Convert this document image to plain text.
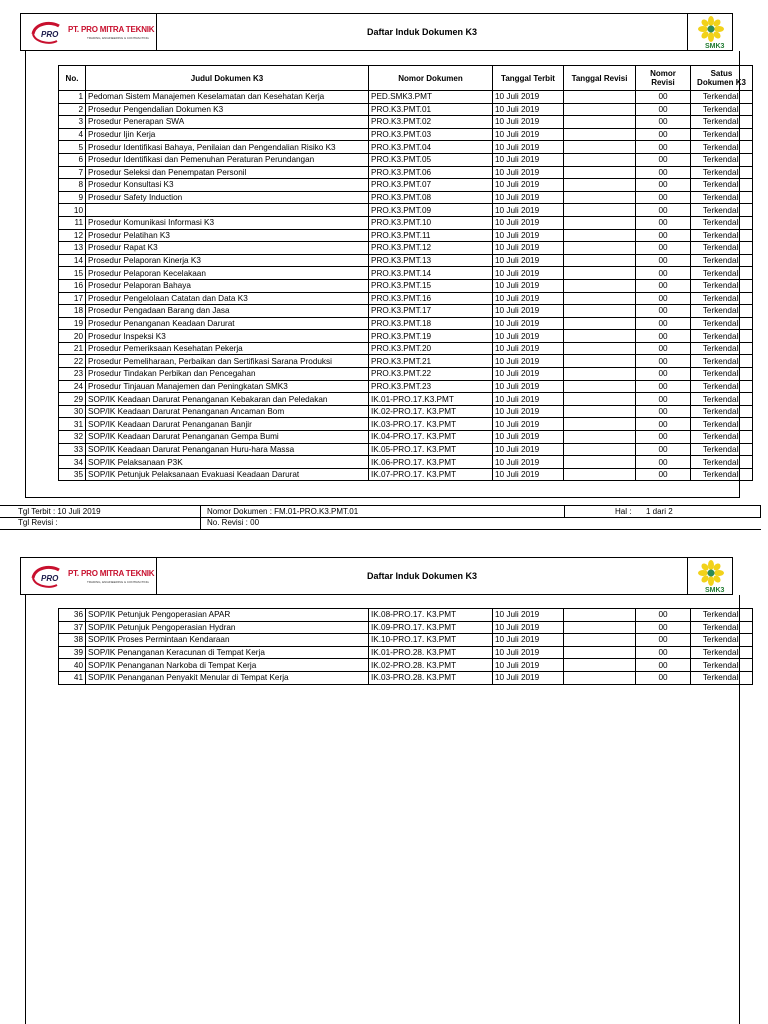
PRO
PT. PRO MITRA TEKNIK
TRADING, ENGINEERING & CONTRACTING
Daftar Induk Dokumen K3
SMK3
No.	Judul Dokumen K3	Nomor Dokumen	Tanggal Terbit	Tanggal Revisi	Nomor Revisi	Satus Dokumen K3
1	Pedoman Sistem Manajemen Keselamatan dan Kesehatan Kerja	PED.SMK3.PMT	10 Juli 2019		00	Terkendali
2	Prosedur Pengendalian Dokumen K3	PRO.K3.PMT.01	10 Juli 2019		00	Terkendali
3	Prosedur Penerapan SWA	PRO.K3.PMT.02	10 Juli 2019		00	Terkendali
4	Prosedur Ijin Kerja	PRO.K3.PMT.03	10 Juli 2019		00	Terkendali
5	Prosedur Identifikasi Bahaya, Penilaian dan Pengendalian Risiko K3	PRO.K3.PMT.04	10 Juli 2019		00	Terkendali
6	Prosedur Identifikasi dan Pemenuhan Peraturan Perundangan	PRO.K3.PMT.05	10 Juli 2019		00	Terkendali
7	Prosedur Seleksi dan Penempatan Personil	PRO.K3.PMT.06	10 Juli 2019		00	Terkendali
8	Prosedur Konsultasi K3	PRO.K3.PMT.07	10 Juli 2019		00	Terkendali
9	Prosedur Safety Induction	PRO.K3.PMT.08	10 Juli 2019		00	Terkendali
10		PRO.K3.PMT.09	10 Juli 2019		00	Terkendali
11	Prosedur Komunikasi Informasi K3	PRO.K3.PMT.10	10 Juli 2019		00	Terkendali
12	Prosedur Pelatihan K3	PRO.K3.PMT.11	10 Juli 2019		00	Terkendali
13	Prosedur Rapat K3	PRO.K3.PMT.12	10 Juli 2019		00	Terkendali
14	Prosedur Pelaporan Kinerja K3	PRO.K3.PMT.13	10 Juli 2019		00	Terkendali
15	Prosedur Pelaporan Kecelakaan	PRO.K3.PMT.14	10 Juli 2019		00	Terkendali
16	Prosedur Pelaporan Bahaya	PRO.K3.PMT.15	10 Juli 2019		00	Terkendali
17	Prosedur Pengelolaan Catatan dan Data K3	PRO.K3.PMT.16	10 Juli 2019		00	Terkendali
18	Prosedur Pengadaan Barang dan Jasa	PRO.K3.PMT.17	10 Juli 2019		00	Terkendali
19	Prosedur Penanganan Keadaan Darurat	PRO.K3.PMT.18	10 Juli 2019		00	Terkendali
20	Prosedur Inspeksi K3	PRO.K3.PMT.19	10 Juli 2019		00	Terkendali
21	Prosedur Pemeriksaan Kesehatan Pekerja	PRO.K3.PMT.20	10 Juli 2019		00	Terkendali
22	Prosedur Pemeliharaan, Perbaikan dan Sertifikasi Sarana Produksi	PRO.K3.PMT.21	10 Juli 2019		00	Terkendali
23	Prosedur Tindakan Perbikan dan Pencegahan	PRO.K3.PMT.22	10 Juli 2019		00	Terkendali
24	Prosedur Tinjauan Manajemen dan Peningkatan SMK3	PRO.K3.PMT.23	10 Juli 2019		00	Terkendali
29	SOP/IK Keadaan Darurat Penanganan Kebakaran dan Peledakan	IK.01-PRO.17.K3.PMT	10 Juli 2019		00	Terkendali
30	SOP/IK Keadaan Darurat Penanganan Ancaman Bom	IK.02-PRO.17. K3.PMT	10 Juli 2019		00	Terkendali
31	SOP/IK Keadaan Darurat Penanganan Banjir	IK.03-PRO.17. K3.PMT	10 Juli 2019		00	Terkendali
32	SOP/IK Keadaan Darurat Penanganan Gempa Bumi	IK.04-PRO.17. K3.PMT	10 Juli 2019		00	Terkendali
33	SOP/IK Keadaan Darurat Penanganan Huru-hara Massa	IK.05-PRO.17. K3.PMT	10 Juli 2019		00	Terkendali
34	SOP/IK Pelaksanaan P3K	IK.06-PRO.17. K3.PMT	10 Juli 2019		00	Terkendali
35	SOP/IK Petunjuk Pelaksanaan Evakuasi Keadaan Darurat	IK.07-PRO.17. K3.PMT	10 Juli 2019		00	Terkendali
Tgl Terbit : 10 Juli 2019	Nomor Dokumen : FM.01-PRO.K3.PMT.01	Hal :	1 dari 2
Tgl Revisi :	No. Revisi : 00
PRO
PT. PRO MITRA TEKNIK
TRADING, ENGINEERING & CONTRACTING
Daftar Induk Dokumen K3
SMK3
36	SOP/IK Petunjuk Pengoperasian APAR	IK.08-PRO.17. K3.PMT	10 Juli 2019		00	Terkendali
37	SOP/IK Petunjuk Pengoperasian Hydran	IK.09-PRO.17. K3.PMT	10 Juli 2019		00	Terkendali
38	SOP/IK Proses Permintaan Kendaraan	IK.10-PRO.17. K3.PMT	10 Juli 2019		00	Terkendali
39	SOP/IK Penanganan Keracunan di Tempat Kerja	IK.01-PRO.28. K3.PMT	10 Juli 2019		00	Terkendali
40	SOP/IK Penanganan Narkoba di Tempat Kerja	IK.02-PRO.28. K3.PMT	10 Juli 2019		00	Terkendali
41	SOP/IK Penanganan Penyakit Menular di Tempat Kerja	IK.03-PRO.28. K3.PMT	10 Juli 2019		00	Terkendali
